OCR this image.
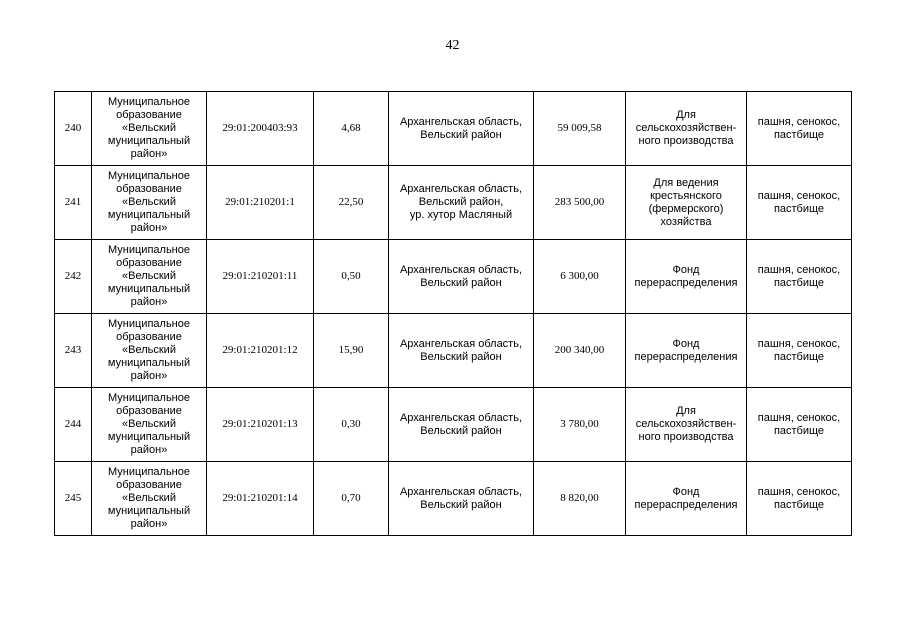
42
240	Муниципальное
образование
«Вельский
муниципальный
район»	29:01:200403:93	4,68	Архангельская область,
Вельский район	59 009,58	Для
сельскохозяйствен-
ного производства	пашня, сенокос,
пастбище

241	Муниципальное
образование
«Вельский
муниципальный
район»	29:01:210201:1	22,50	Архангельская область,
Вельский район,
ур. хутор Масляный	283 500,00	Для ведения
крестьянского
(фермерского)
хозяйства	пашня, сенокос,
пастбище

242	Муниципальное
образование
«Вельский
муниципальный
район»	29:01:210201:11	0,50	Архангельская область,
Вельский район	6 300,00	Фонд
перераспределения	пашня, сенокос,
пастбище

243	Муниципальное
образование
«Вельский
муниципальный
район»	29:01:210201:12	15,90	Архангельская область,
Вельский район	200 340,00	Фонд
перераспределения	пашня, сенокос,
пастбище

244	Муниципальное
образование
«Вельский
муниципальный
район»	29:01:210201:13	0,30	Архангельская область,
Вельский район	3 780,00	Для
сельскохозяйствен-
ного производства	пашня, сенокос,
пастбище

245	Муниципальное
образование
«Вельский
муниципальный
район»	29:01:210201:14	0,70	Архангельская область,
Вельский район	8 820,00	Фонд
перераспределения	пашня, сенокос,
пастбище
